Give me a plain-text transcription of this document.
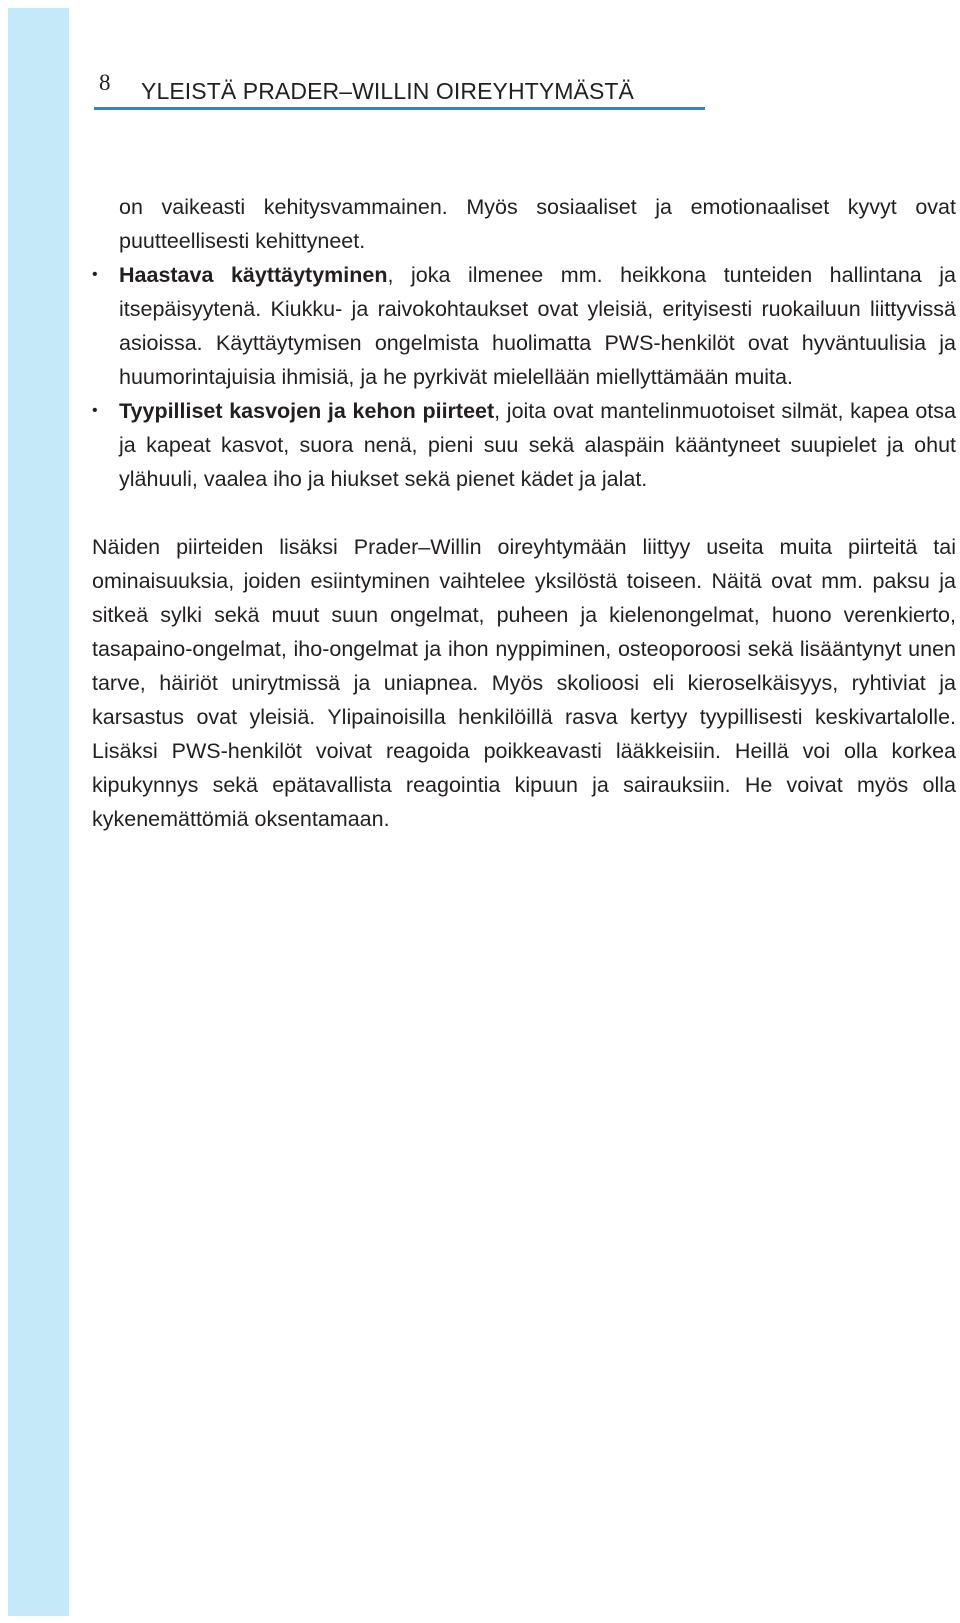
8 YLEISTÄ PRADER–WILLIN OIREYHTYMÄSTÄ

on vaikeasti kehitysvammainen. Myös sosiaaliset ja emotionaaliset kyvyt ovat puutteellisesti kehittyneet.

• Haastava käyttäytyminen, joka ilmenee mm. heikkona tunteiden hallintana ja itsepäisyytenä. Kiukku- ja raivokohtaukset ovat yleisiä, erityisesti ruokailuun liittyvissä asioissa. Käyttäytymisen ongelmista huolimatta PWS-henkilöt ovat hyväntuulisia ja huumorintajuisia ihmisiä, ja he pyrkivät mielellään miellyttämään muita.
• Tyypilliset kasvojen ja kehon piirteet, joita ovat mantelinmuotoiset silmät, kapea otsa ja kapeat kasvot, suora nenä, pieni suu sekä alaspäin kääntyneet suupielet ja ohut ylähuuli, vaalea iho ja hiukset sekä pienet kädet ja jalat.

Näiden piirteiden lisäksi Prader–Willin oireyhtymään liittyy useita muita piirteitä tai ominaisuuksia, joiden esiintyminen vaihtelee yksilöstä toiseen. Näitä ovat mm. paksu ja sitkeä sylki sekä muut suun ongelmat, puheen ja kielenongelmat, huono verenkierto, tasapaino-ongelmat, iho-ongelmat ja ihon nyppiminen, osteoporoosi sekä lisääntynyt unen tarve, häiriöt unirytmissä ja uniapnea. Myös skolioosi eli kieroselkäisyys, ryhtiviat ja karsastus ovat yleisiä. Ylipainoisilla henkilöillä rasva kertyy tyypillisesti keskivartalolle. Lisäksi PWS-henkilöt voivat reagoida poikkeavasti lääkkeisiin. Heillä voi olla korkea kipukynnys sekä epätavallista reagointia kipuun ja sairauksiin. He voivat myös olla kykenemättömiä oksentamaan.
